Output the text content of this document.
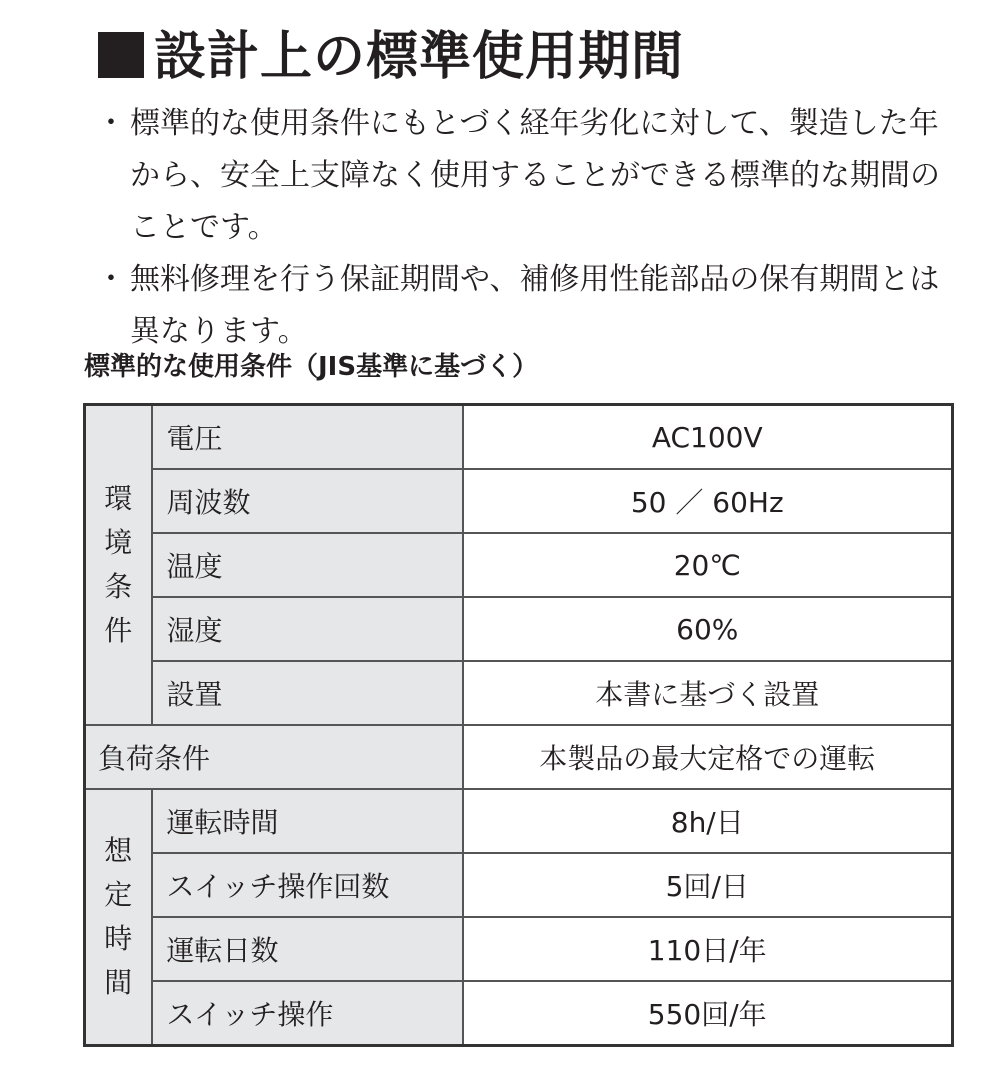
設計上の標準使用期間
・ 標準的な使用条件にもとづく経年劣化に対して、製造した年から、安全上支障なく使用することができる標準的な期間のことです。
・ 無料修理を行う保証期間や、補修用性能部品の保有期間とは異なります。
標準的な使用条件（JIS基準に基づく）
環境条件	電圧	AC100V
	周波数	50 ／ 60Hz
	温度	20℃
	湿度	60%
	設置	本書に基づく設置
負荷条件		本製品の最大定格での運転
想定時間	運転時間	8h/日
	スイッチ操作回数	5回/日
	運転日数	110日/年
	スイッチ操作	550回/年
